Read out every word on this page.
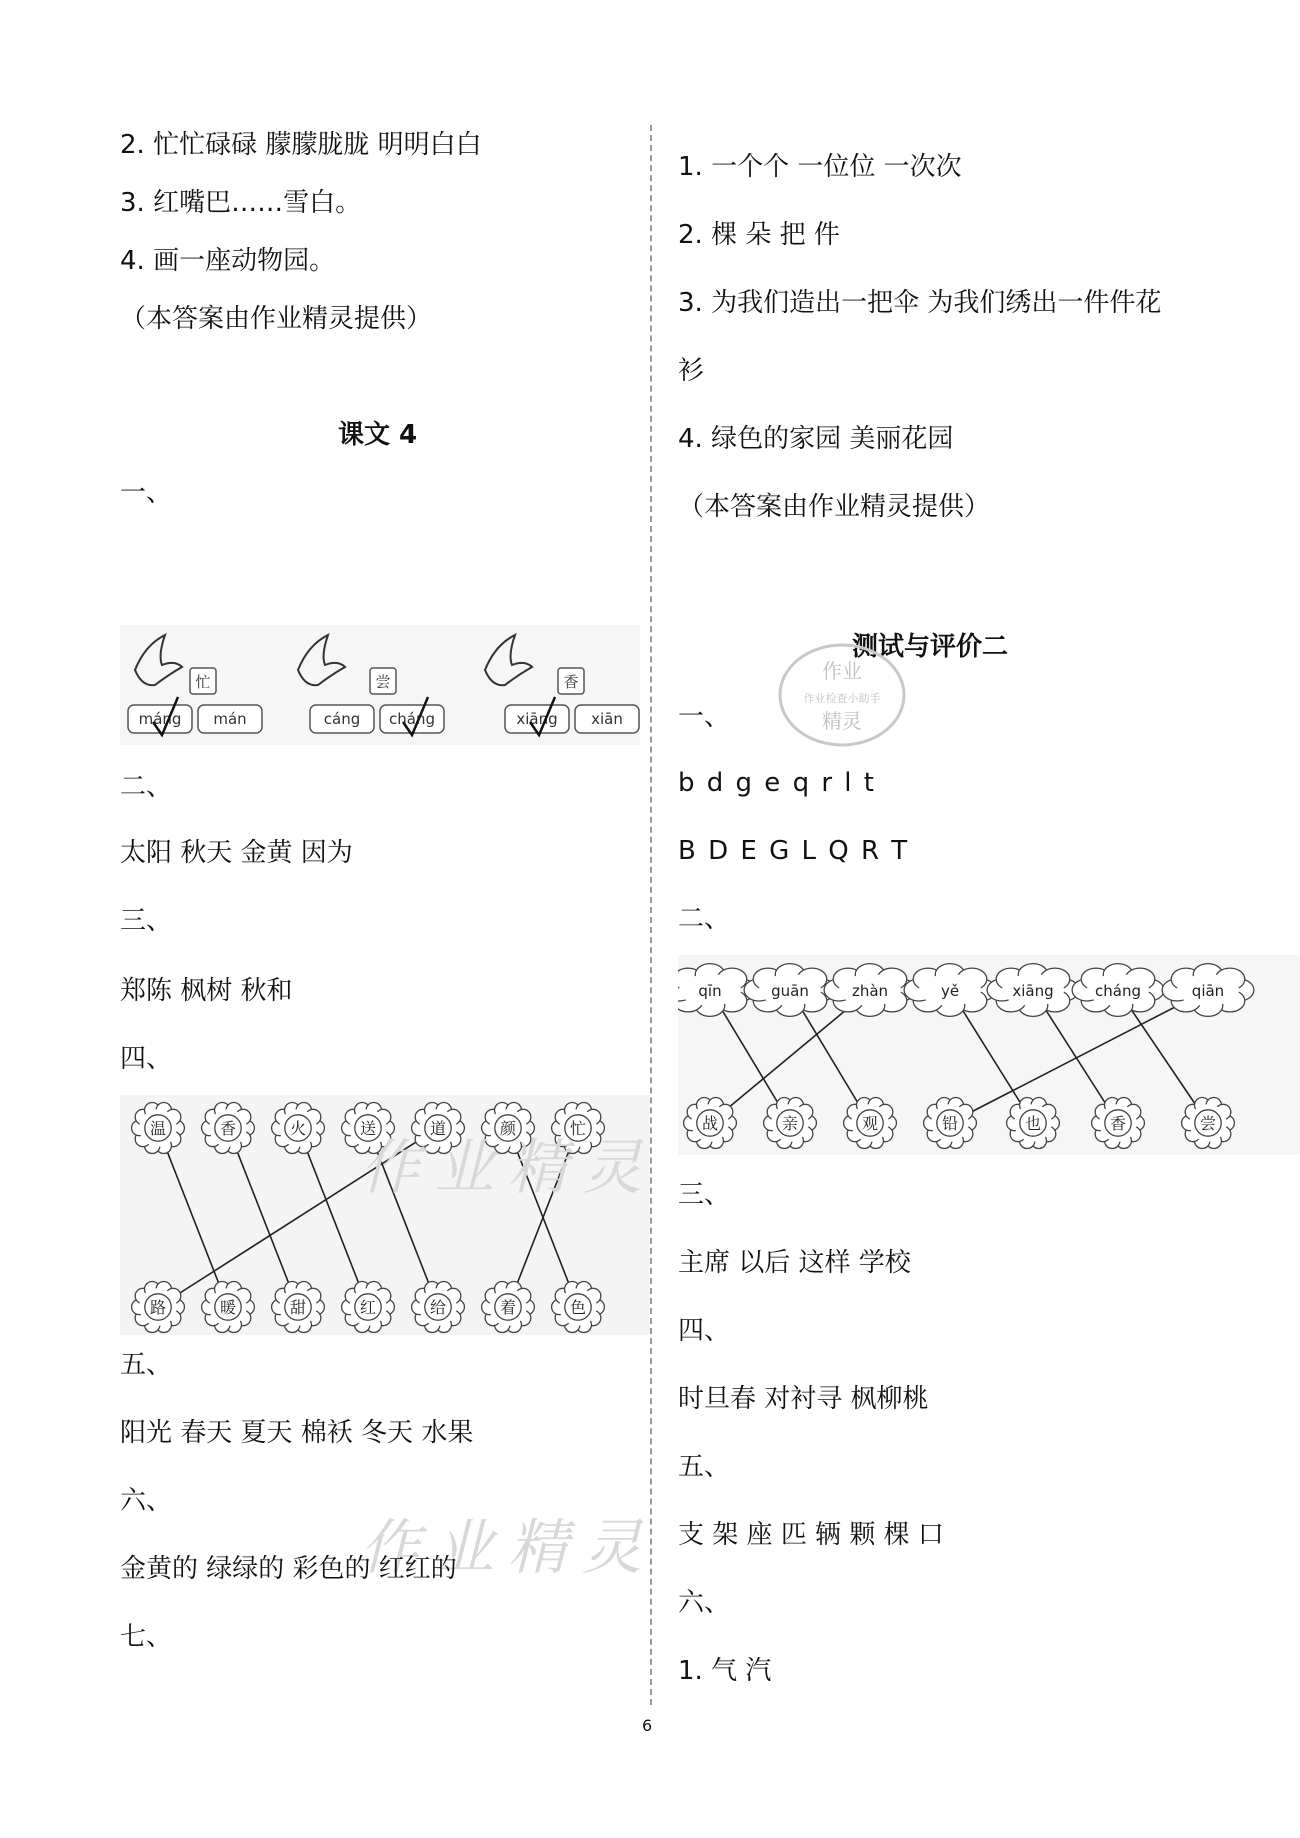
2. 忙忙碌碌 朦朦胧胧 明明白白
3. 红嘴巴……雪白。
4. 画一座动物园。
（本答案由作业精灵提供）
课文 4
一、
忙	尝	香
máng mán	cáng cháng	xiāng xiān
二、
太阳 秋天 金黄 因为
三、
郑陈 枫树 秋和
四、
温	香	火	送	道	颜	忙
路	暖	甜	红	给	着	色
作业精灵
五、
阳光 春天 夏天 棉袄 冬天 水果
六、
作业精灵
金黄的 绿绿的 彩色的 红红的
七、
1. 一个个 一位位 一次次
2. 棵 朵 把 件
3. 为我们造出一把伞 为我们绣出一件件花
衫
4. 绿色的家园 美丽花园
（本答案由作业精灵提供）
测试与评价二
作业
作业检查小助手
精灵
一、
b d g e q r l t
B D E G L Q R T
二、
qīn	guān	zhàn	yě	xiāng	cháng	qiān
战	亲	观	铅	也	香	尝
三、
主席 以后 这样 学校
四、
时旦春 对衬寻 枫柳桃
五、
支 架 座 匹 辆 颗 棵 口
六、
1. 气 汽
6
